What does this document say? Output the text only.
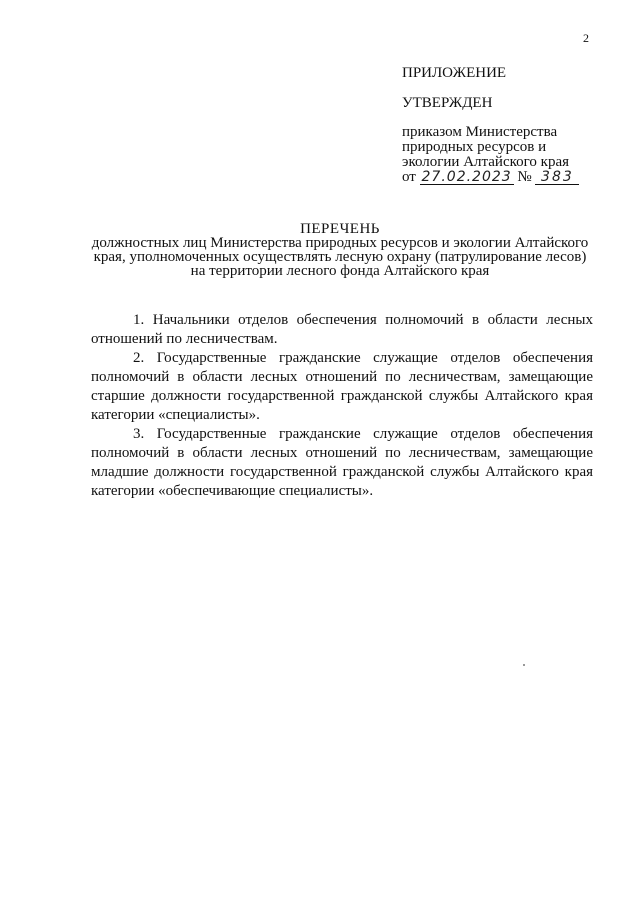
2
ПРИЛОЖЕНИЕ
УТВЕРЖДЕН
приказом Министерства
природных ресурсов и
экологии Алтайского края
от 27.02.2023 № 383
ПЕРЕЧЕНЬ
должностных лиц Министерства природных ресурсов и экологии Алтайского
края, уполномоченных осуществлять лесную охрану (патрулирование лесов)
на территории лесного фонда Алтайского края

1. Начальники отделов обеспечения полномочий в области лесных отношений по лесничествам.

2. Государственные гражданские служащие отделов обеспечения полномочий в области лесных отношений по лесничествам, замещающие старшие должности государственной гражданской службы Алтайского края категории «специалисты».

3. Государственные гражданские служащие отделов обеспечения полномочий в области лесных отношений по лесничествам, замещающие младшие должности государственной гражданской службы Алтайского края категории «обеспечивающие специалисты».
